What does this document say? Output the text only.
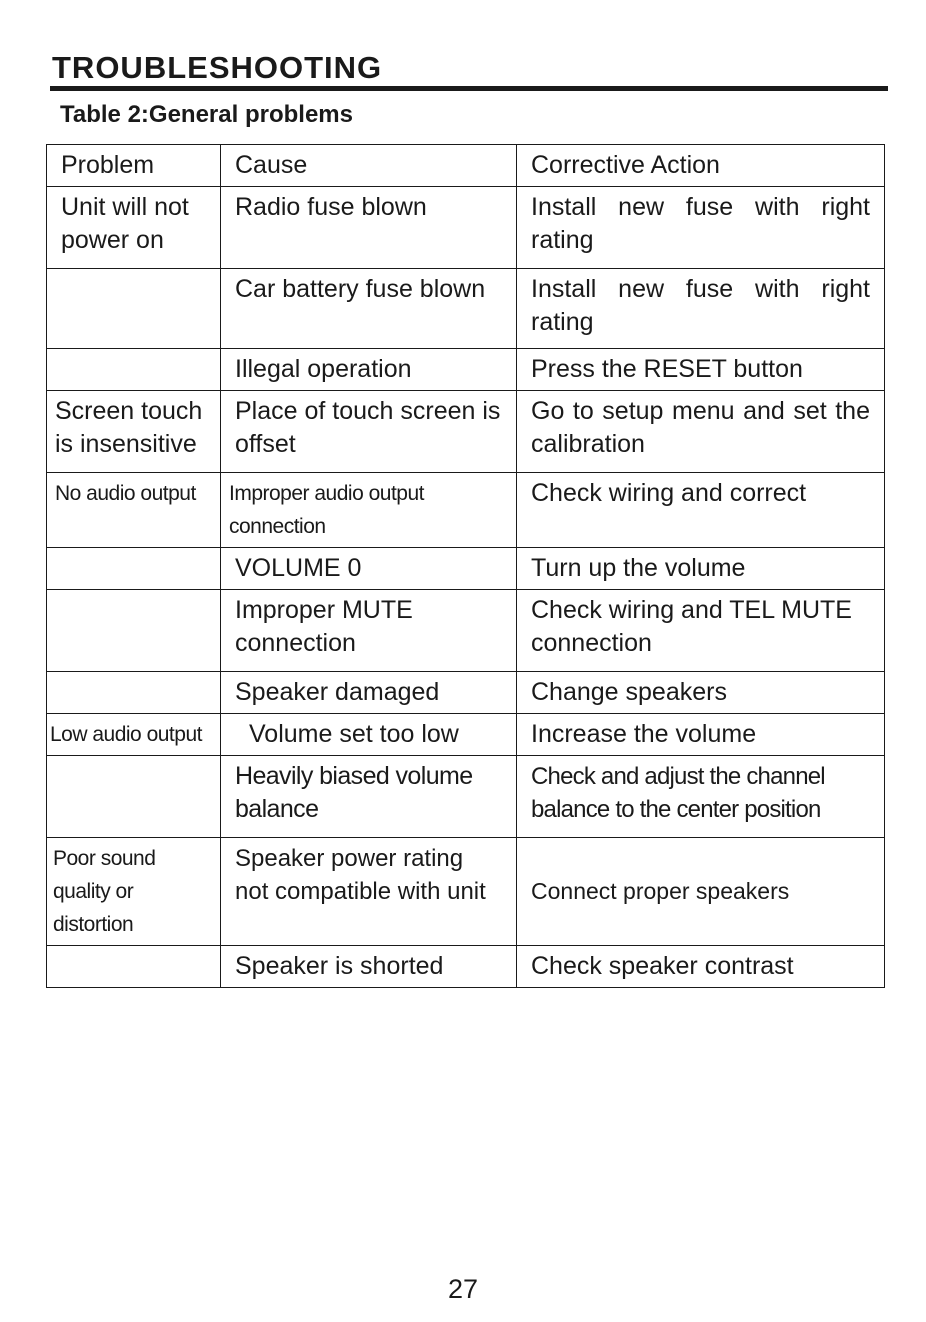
TROUBLESHOOTING
Table 2:General problems
Problem	Cause	Corrective Action
Unit will not power on	Radio fuse blown	Install new fuse with right rating
	Car battery fuse blown	Install new fuse with right rating
	Illegal operation	Press the RESET button
Screen touch is insensitive	Place of touch screen is offset	Go to setup menu and set the calibration
No audio output	Improper audio output connection	Check wiring and correct
	VOLUME 0	Turn up the volume
	Improper MUTE connection	Check wiring and TEL MUTE connection
	Speaker damaged	Change speakers
Low audio output	Volume set too low	Increase the volume
	Heavily biased volume balance	Check and adjust the channel balance to the center position
Poor sound quality or distortion	Speaker power rating not compatible with unit	Connect proper speakers
	Speaker is shorted	Check speaker contrast

27
